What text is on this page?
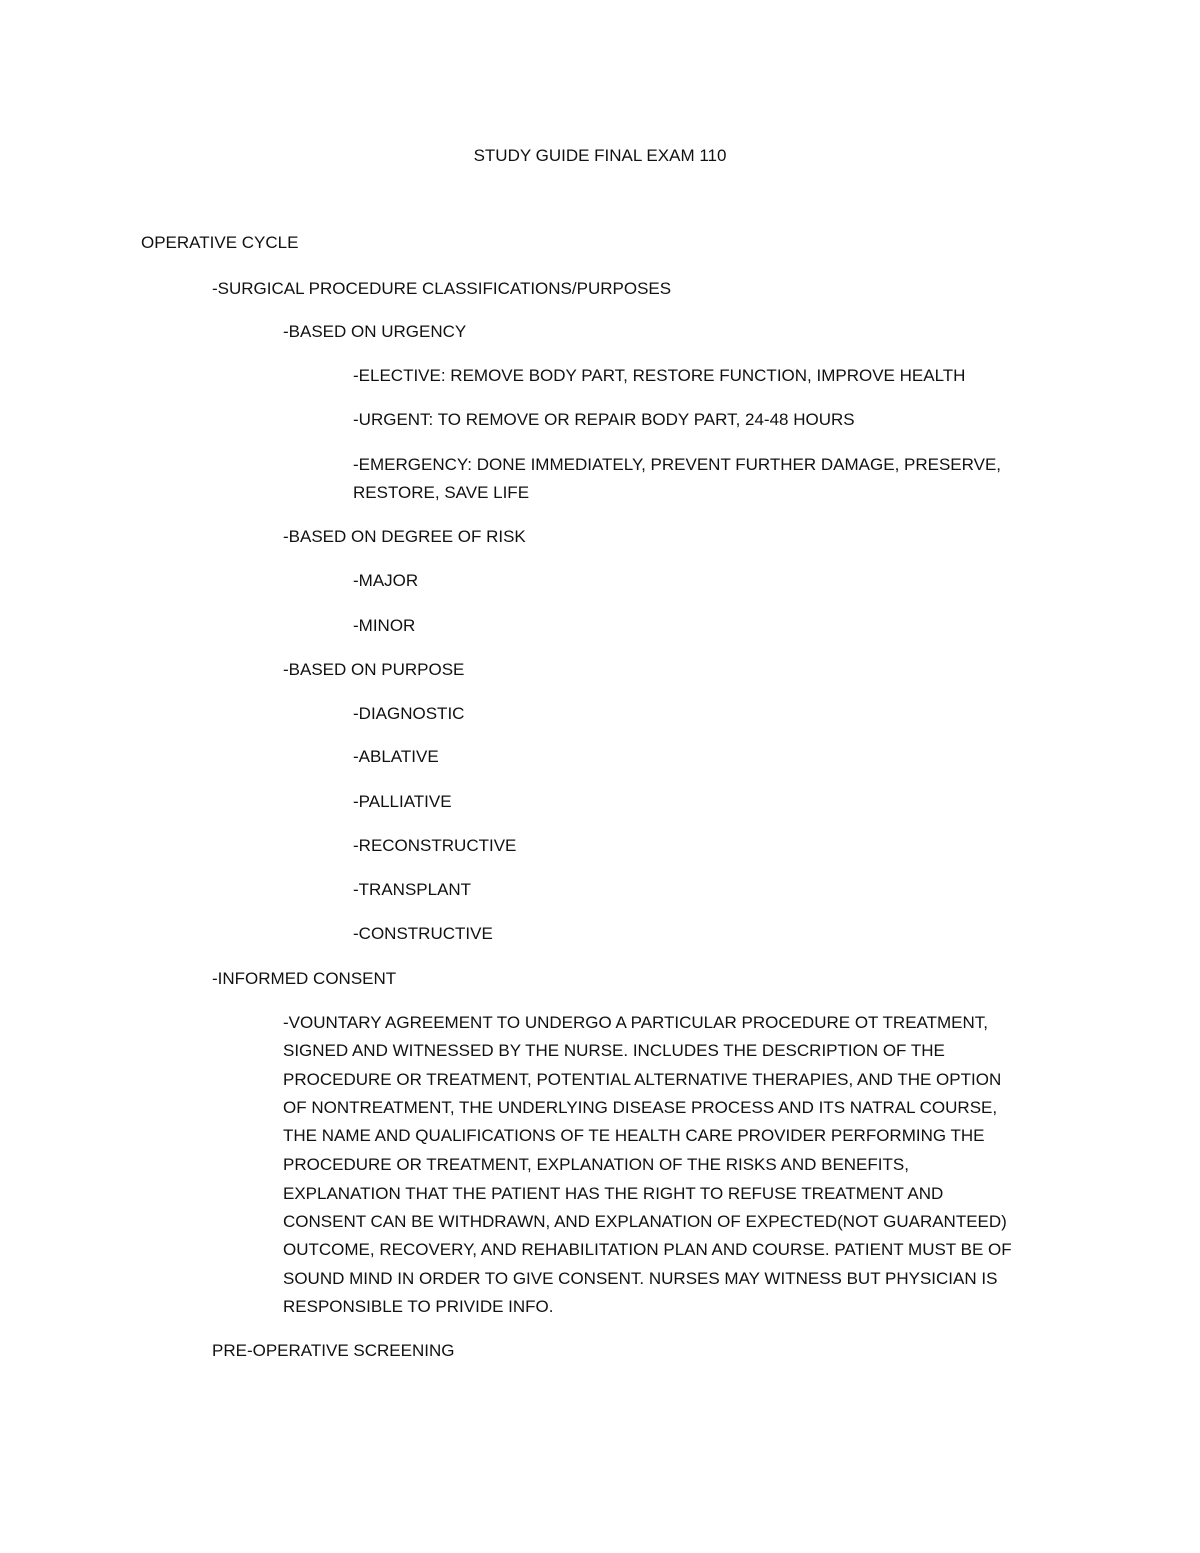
STUDY GUIDE FINAL EXAM 110
OPERATIVE CYCLE
-SURGICAL PROCEDURE CLASSIFICATIONS/PURPOSES
-BASED ON URGENCY
-ELECTIVE: REMOVE BODY PART, RESTORE FUNCTION, IMPROVE HEALTH
-URGENT: TO REMOVE OR REPAIR BODY PART, 24-48 HOURS
-EMERGENCY: DONE IMMEDIATELY, PREVENT FURTHER DAMAGE, PRESERVE,
RESTORE, SAVE LIFE
-BASED ON DEGREE OF RISK
-MAJOR
-MINOR
-BASED ON PURPOSE
-DIAGNOSTIC
-ABLATIVE
-PALLIATIVE
-RECONSTRUCTIVE
-TRANSPLANT
-CONSTRUCTIVE
-INFORMED CONSENT
-VOUNTARY AGREEMENT TO UNDERGO A PARTICULAR PROCEDURE OT TREATMENT,
SIGNED AND WITNESSED BY THE NURSE. INCLUDES THE DESCRIPTION OF THE
PROCEDURE OR TREATMENT, POTENTIAL ALTERNATIVE THERAPIES, AND THE OPTION
OF NONTREATMENT, THE UNDERLYING DISEASE PROCESS AND ITS NATRAL COURSE,
THE NAME AND QUALIFICATIONS OF TE HEALTH CARE PROVIDER PERFORMING THE
PROCEDURE OR TREATMENT, EXPLANATION OF THE RISKS AND BENEFITS,
EXPLANATION THAT THE PATIENT HAS THE RIGHT TO REFUSE TREATMENT AND
CONSENT CAN BE WITHDRAWN, AND EXPLANATION OF EXPECTED(NOT GUARANTEED)
OUTCOME, RECOVERY, AND REHABILITATION PLAN AND COURSE. PATIENT MUST BE OF
SOUND MIND IN ORDER TO GIVE CONSENT. NURSES MAY WITNESS BUT PHYSICIAN IS
RESPONSIBLE TO PRIVIDE INFO.
PRE-OPERATIVE SCREENING
